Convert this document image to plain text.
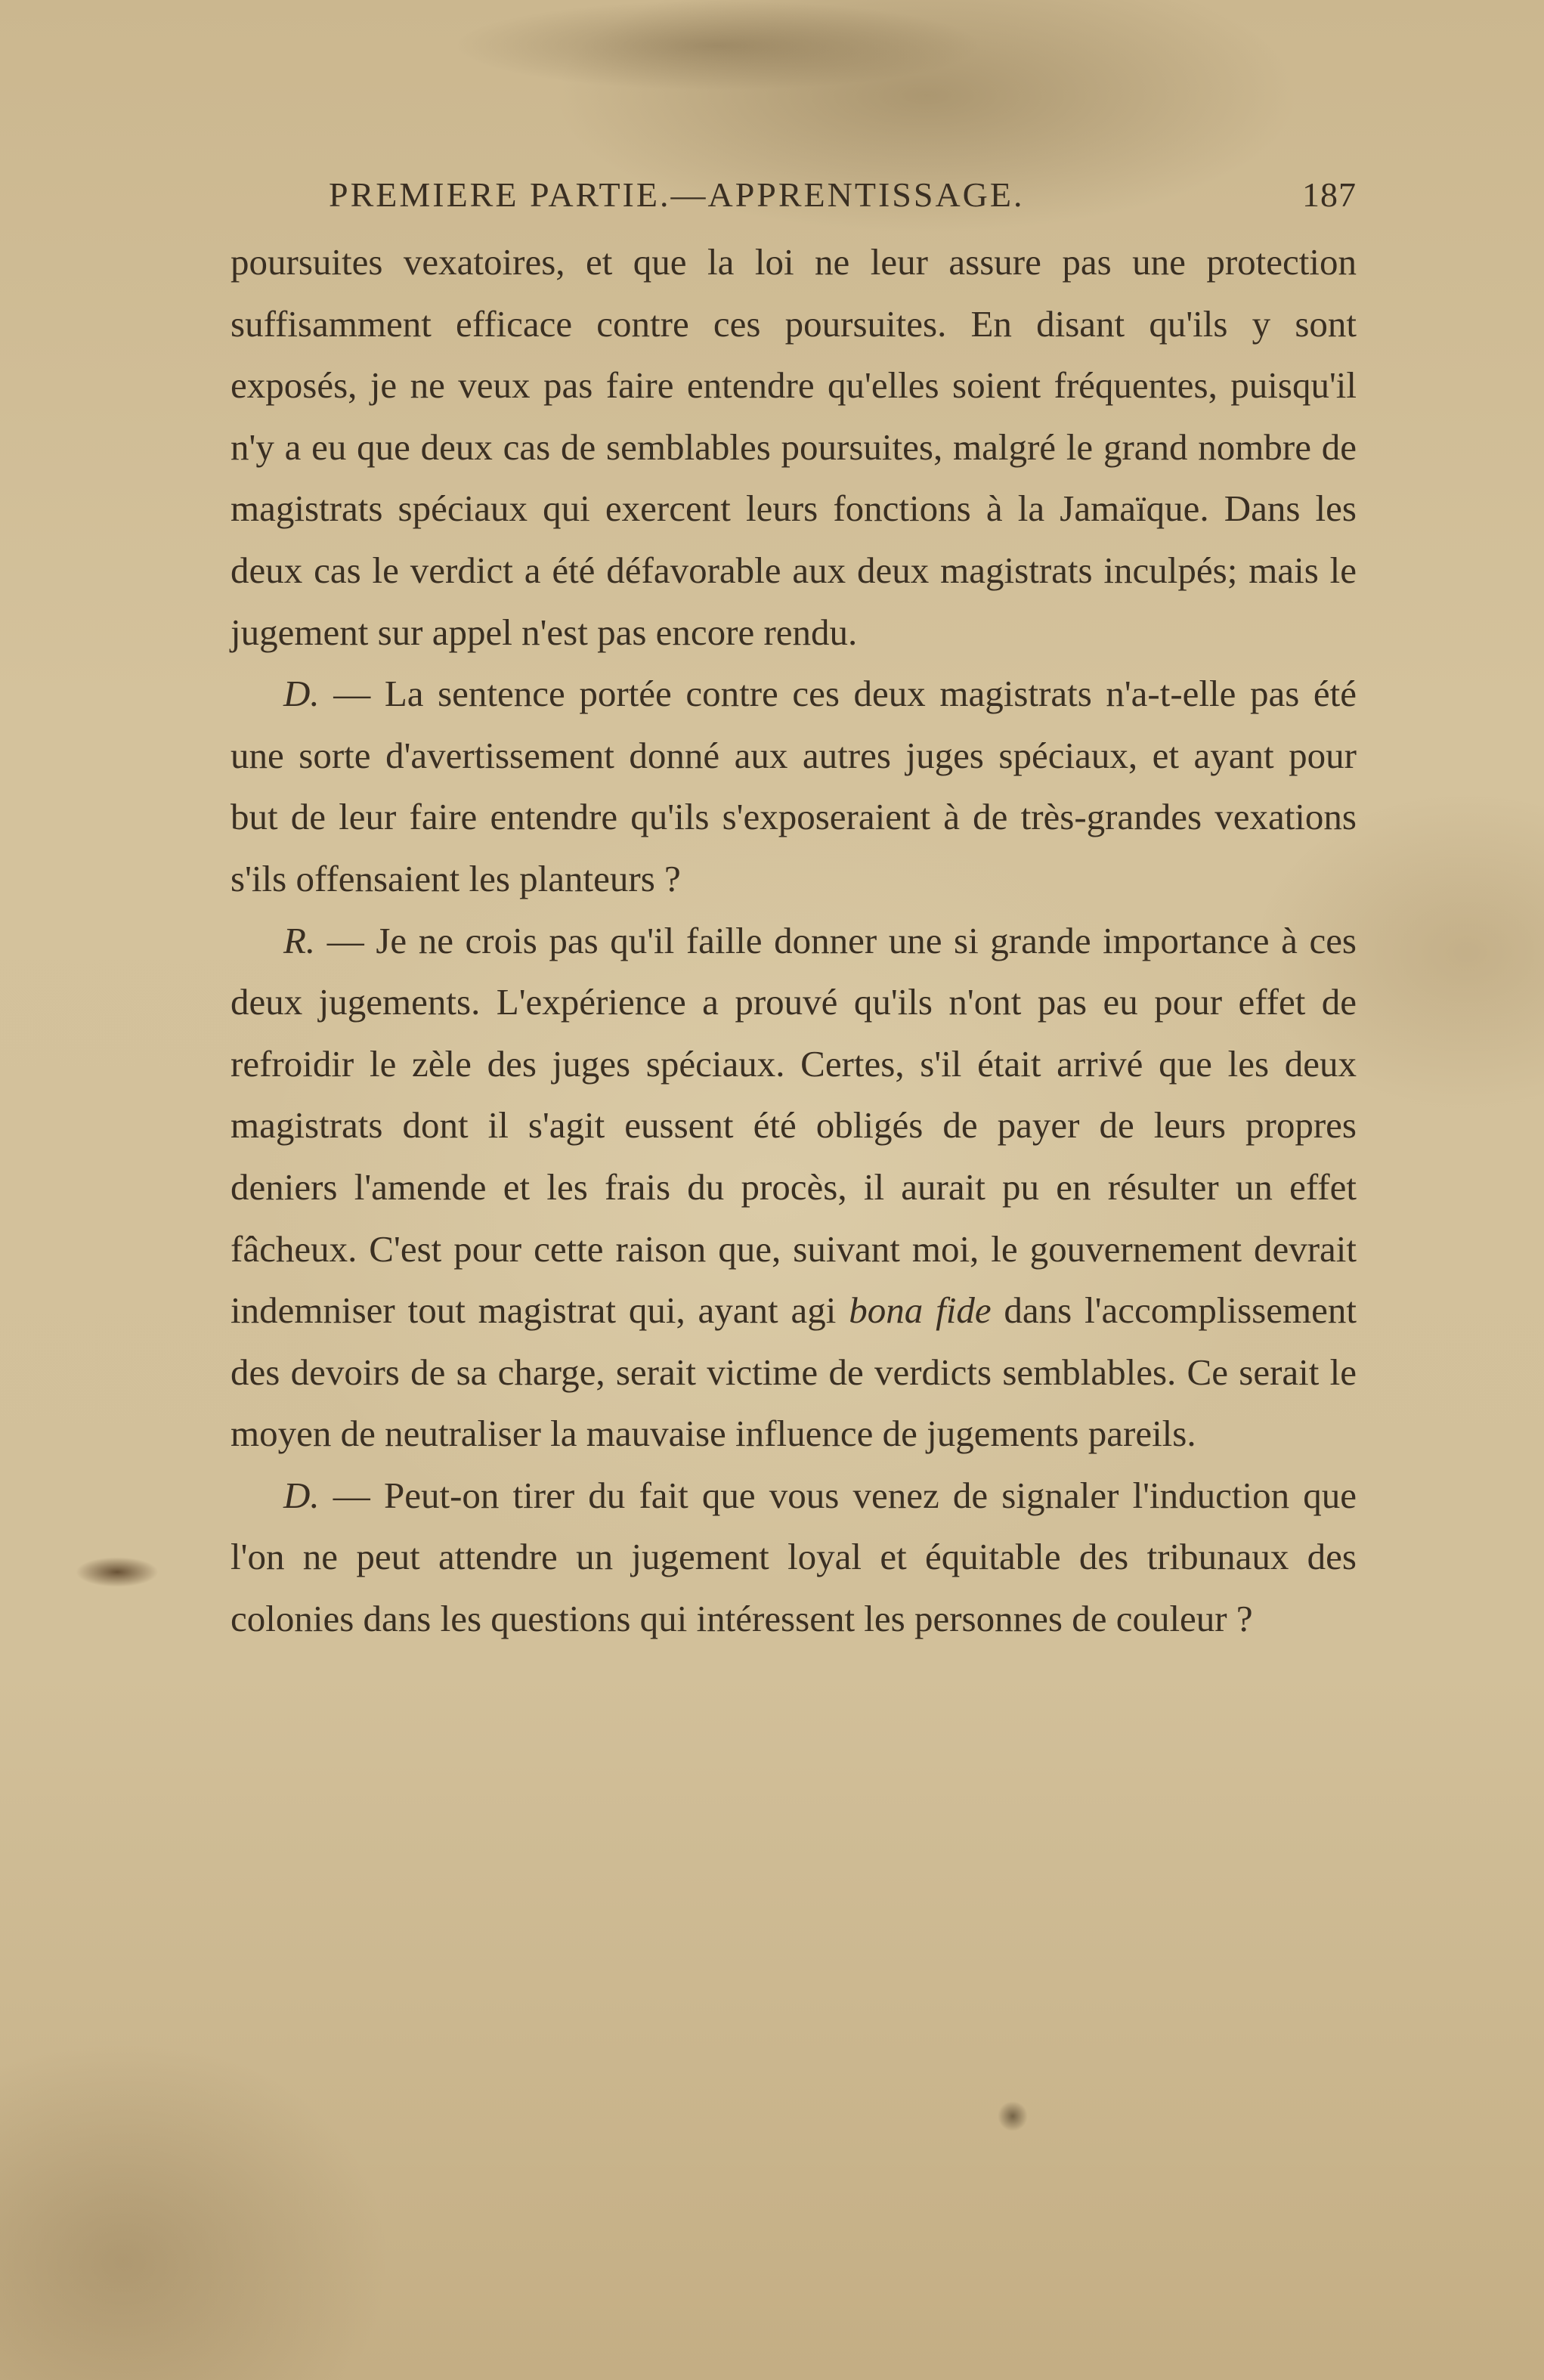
PREMIERE PARTIE.—APPRENTISSAGE.	187

poursuites vexatoires, et que la loi ne leur assure pas une protection suffisamment efficace contre ces poursuites. En disant qu'ils y sont exposés, je ne veux pas faire entendre qu'elles soient fréquentes, puisqu'il n'y a eu que deux cas de semblables poursuites, malgré le grand nombre de magistrats spéciaux qui exercent leurs fonctions à la Jamaïque. Dans les deux cas le verdict a été défavorable aux deux magistrats inculpés; mais le jugement sur appel n'est pas encore rendu.

D. — La sentence portée contre ces deux magistrats n'a-t-elle pas été une sorte d'avertissement donné aux autres juges spéciaux, et ayant pour but de leur faire entendre qu'ils s'exposeraient à de très-grandes vexations s'ils offensaient les planteurs ?

R. — Je ne crois pas qu'il faille donner une si grande importance à ces deux jugements. L'expérience a prouvé qu'ils n'ont pas eu pour effet de refroidir le zèle des juges spéciaux. Certes, s'il était arrivé que les deux magistrats dont il s'agit eussent été obligés de payer de leurs propres deniers l'amende et les frais du procès, il aurait pu en résulter un effet fâcheux. C'est pour cette raison que, suivant moi, le gouvernement devrait indemniser tout magistrat qui, ayant agi bona fide dans l'accomplissement des devoirs de sa charge, serait victime de verdicts semblables. Ce serait le moyen de neutraliser la mauvaise influence de jugements pareils.

D. — Peut-on tirer du fait que vous venez de signaler l'induction que l'on ne peut attendre un jugement loyal et équitable des tribunaux des colonies dans les questions qui intéressent les personnes de couleur ?
